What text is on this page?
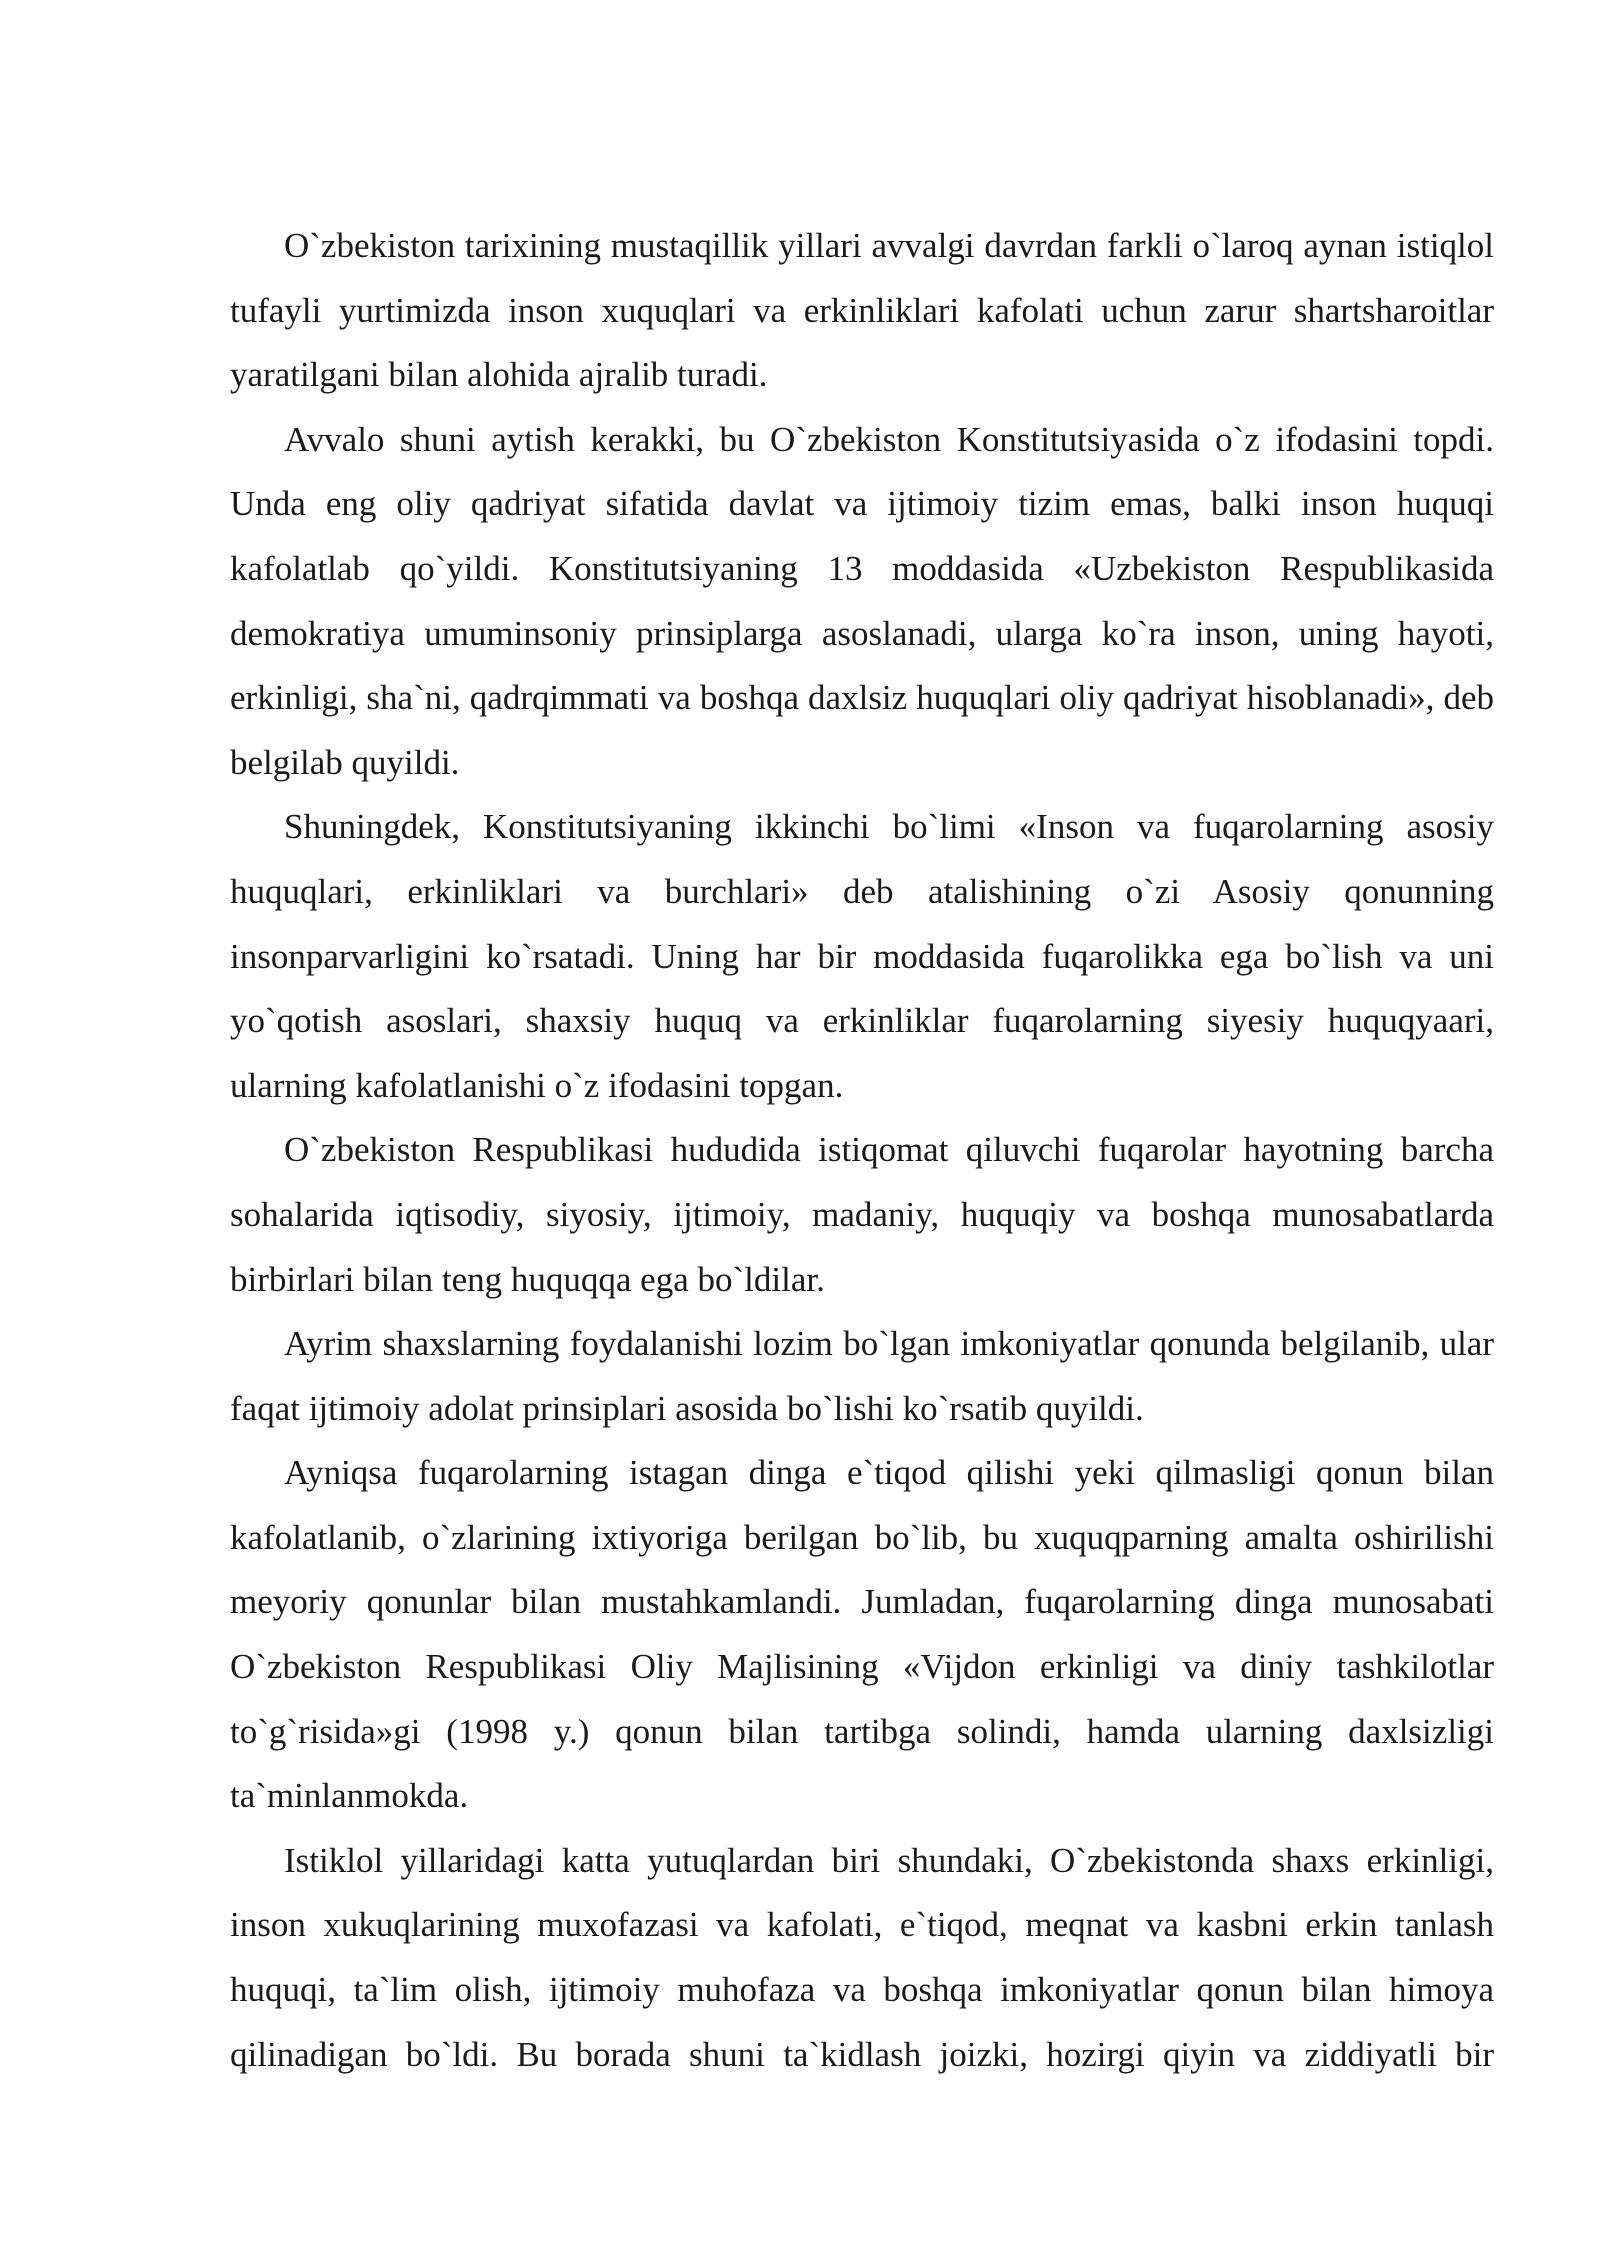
O`zbekiston tarixining mustaqillik yillari avvalgi davrdan farkli o`laroq aynan istiqlol tufayli yurtimizda inson xuquqlari va erkinliklari kafolati uchun zarur shartsharoitlar yaratilgani bilan alohida ajralib turadi.

Avvalo shuni aytish kerakki, bu O`zbekiston Konstitutsiyasida o`z ifodasini topdi. Unda eng oliy qadriyat sifatida davlat va ijtimoiy tizim emas, balki inson huquqi kafolatlab qo`yildi. Konstitutsiyaning 13 moddasida «Uzbekiston Respublikasida demokratiya umuminsoniy prinsiplarga asoslanadi, ularga ko`ra inson, uning hayoti, erkinligi, sha`ni, qadrqimmati va boshqa daxlsiz huquqlari oliy qadriyat hisoblanadi», deb belgilab quyildi.

Shuningdek, Konstitutsiyaning ikkinchi bo`limi «Inson va fuqarolarning asosiy huquqlari, erkinliklari va burchlari» deb atalishining o`zi Asosiy qonunning insonparvarligini ko`rsatadi. Uning har bir moddasida fuqarolikka ega bo`lish va uni yo`qotish asoslari, shaxsiy huquq va erkinliklar fuqarolarning siyesiy huquqyaari, ularning kafolatlanishi o`z ifodasini topgan.

O`zbekiston Respublikasi hududida istiqomat qiluvchi fuqarolar hayotning barcha sohalarida iqtisodiy, siyosiy, ijtimoiy, madaniy, huquqiy va boshqa munosabatlarda birbirlari bilan teng huquqqa ega bo`ldilar.

Ayrim shaxslarning foydalanishi lozim bo`lgan imkoniyatlar qonunda belgilanib, ular faqat ijtimoiy adolat prinsiplari asosida bo`lishi ko`rsatib quyildi.

Ayniqsa fuqarolarning istagan dinga e`tiqod qilishi yeki qilmasligi qonun bilan kafolatlanib, o`zlarining ixtiyoriga berilgan bo`lib, bu xuquqparning amalta oshirilishi meyoriy qonunlar bilan mustahkamlandi. Jumladan, fuqarolarning dinga munosabati O`zbekiston Respublikasi Oliy Majlisining «Vijdon erkinligi va diniy tashkilotlar to`g`risida»gi (1998 y.) qonun bilan tartibga solindi, hamda ularning daxlsizligi ta`minlanmokda.

Istiklol yillaridagi katta yutuqlardan biri shundaki, O`zbekistonda shaxs erkinligi, inson xukuqlarining muxofazasi va kafolati, e`tiqod, meqnat va kasbni erkin tanlash huquqi, ta`lim olish, ijtimoiy muhofaza va boshqa imkoniyatlar qonun bilan himoya qilinadigan bo`ldi. Bu borada shuni ta`kidlash joizki, hozirgi qiyin va ziddiyatli bir
